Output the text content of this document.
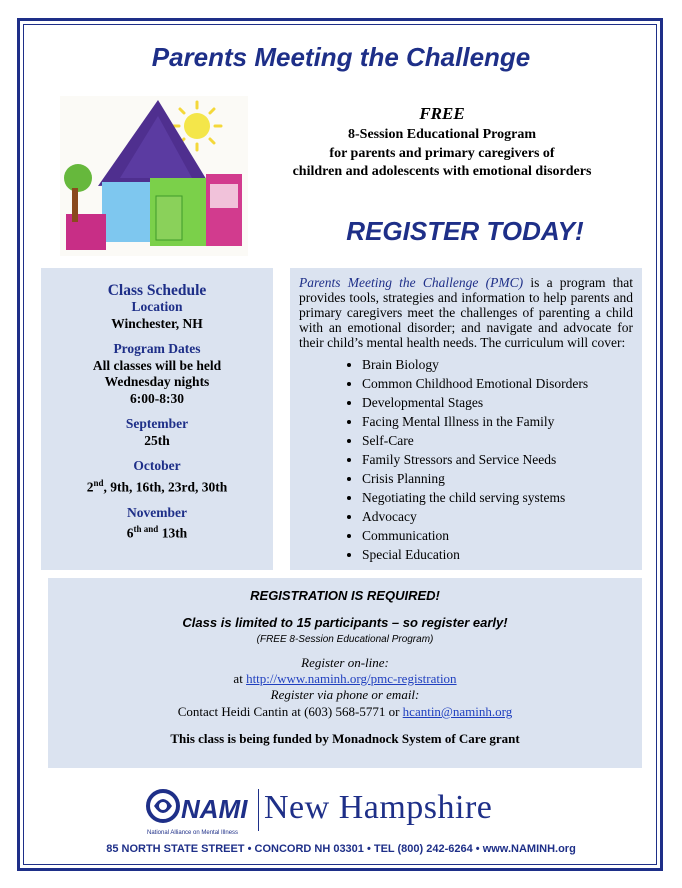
Parents Meeting the Challenge
FREE
8-Session Educational Program
for parents and primary caregivers of
children and adolescents with emotional disorders
REGISTER TODAY!
Class Schedule
Location
Winchester, NH
Program Dates
All classes will be held
Wednesday nights
6:00-8:30
September
25th
October
2nd, 9th, 16th, 23rd, 30th
November
$6^{th and}$ 13th
Parents Meeting the Challenge (PMC) is a program that provides tools, strategies and information to help parents and primary caregivers meet the challenges of parenting a child with an emotional disorder; and navigate and advocate for their child’s mental health needs. The curriculum will cover:
• Brain Biology
• Common Childhood Emotional Disorders
• Developmental Stages
• Facing Mental Illness in the Family
• Self-Care
• Family Stressors and Service Needs
• Crisis Planning
• Negotiating the child serving systems
• Advocacy
• Communication
• Special Education
REGISTRATION IS REQUIRED!
Class is limited to 15 participants – so register early!
(FREE 8-Session Educational Program)
Register on-line:
at http://www.naminh.org/pmc-registration
Register via phone or email:
Contact Heidi Cantin at (603) 568-5771 or hcantin@naminh.org
This class is being funded by Monadnock System of Care grant
NAMI
National Alliance on Mental Illness
New Hampshire
85 NORTH STATE STREET • CONCORD NH 03301 • TEL (800) 242-6264 • www.NAMINH.org
